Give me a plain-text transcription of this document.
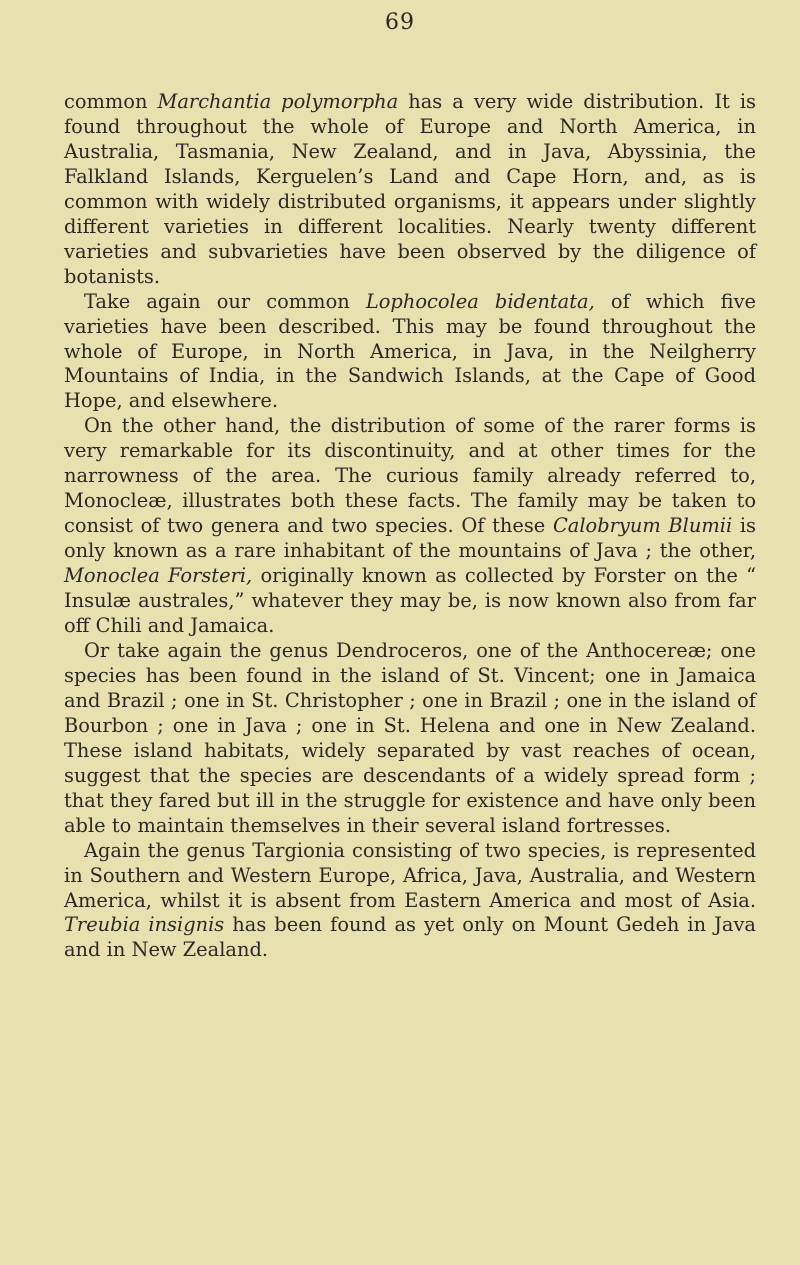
69

common Marchantia polymorpha has a very wide distribution. It is found throughout the whole of Europe and North America, in Australia, Tasmania, New Zealand, and in Java, Abyssinia, the Falkland Islands, Kerguelen’s Land and Cape Horn, and, as is common with widely distributed organisms, it appears under slightly different varieties in different localities. Nearly twenty different varieties and subvarieties have been observed by the diligence of botanists.

Take again our common Lophocolea bidentata, of which five varieties have been described. This may be found throughout the whole of Europe, in North America, in Java, in the Neilgherry Mountains of India, in the Sandwich Islands, at the Cape of Good Hope, and elsewhere.

On the other hand, the distribution of some of the rarer forms is very remarkable for its discontinuity, and at other times for the narrowness of the area. The curious family already referred to, Monocleæ, illustrates both these facts. The family may be taken to consist of two genera and two species. Of these Calobryum Blumii is only known as a rare inhabitant of the mountains of Java ; the other, Monoclea Forsteri, originally known as collected by Forster on the “ Insulæ australes,” whatever they may be, is now known also from far off Chili and Jamaica.

Or take again the genus Dendroceros, one of the Anthocereæ; one species has been found in the island of St. Vincent; one in Jamaica and Brazil ; one in St. Christopher ; one in Brazil ; one in the island of Bourbon ; one in Java ; one in St. Helena and one in New Zealand. These island habitats, widely separated by vast reaches of ocean, suggest that the species are descendants of a widely spread form ; that they fared but ill in the struggle for existence and have only been able to maintain themselves in their several island fortresses.

Again the genus Targionia consisting of two species, is represented in Southern and Western Europe, Africa, Java, Australia, and Western America, whilst it is absent from Eastern America and most of Asia. Treubia insignis has been found as yet only on Mount Gedeh in Java and in New Zealand.
